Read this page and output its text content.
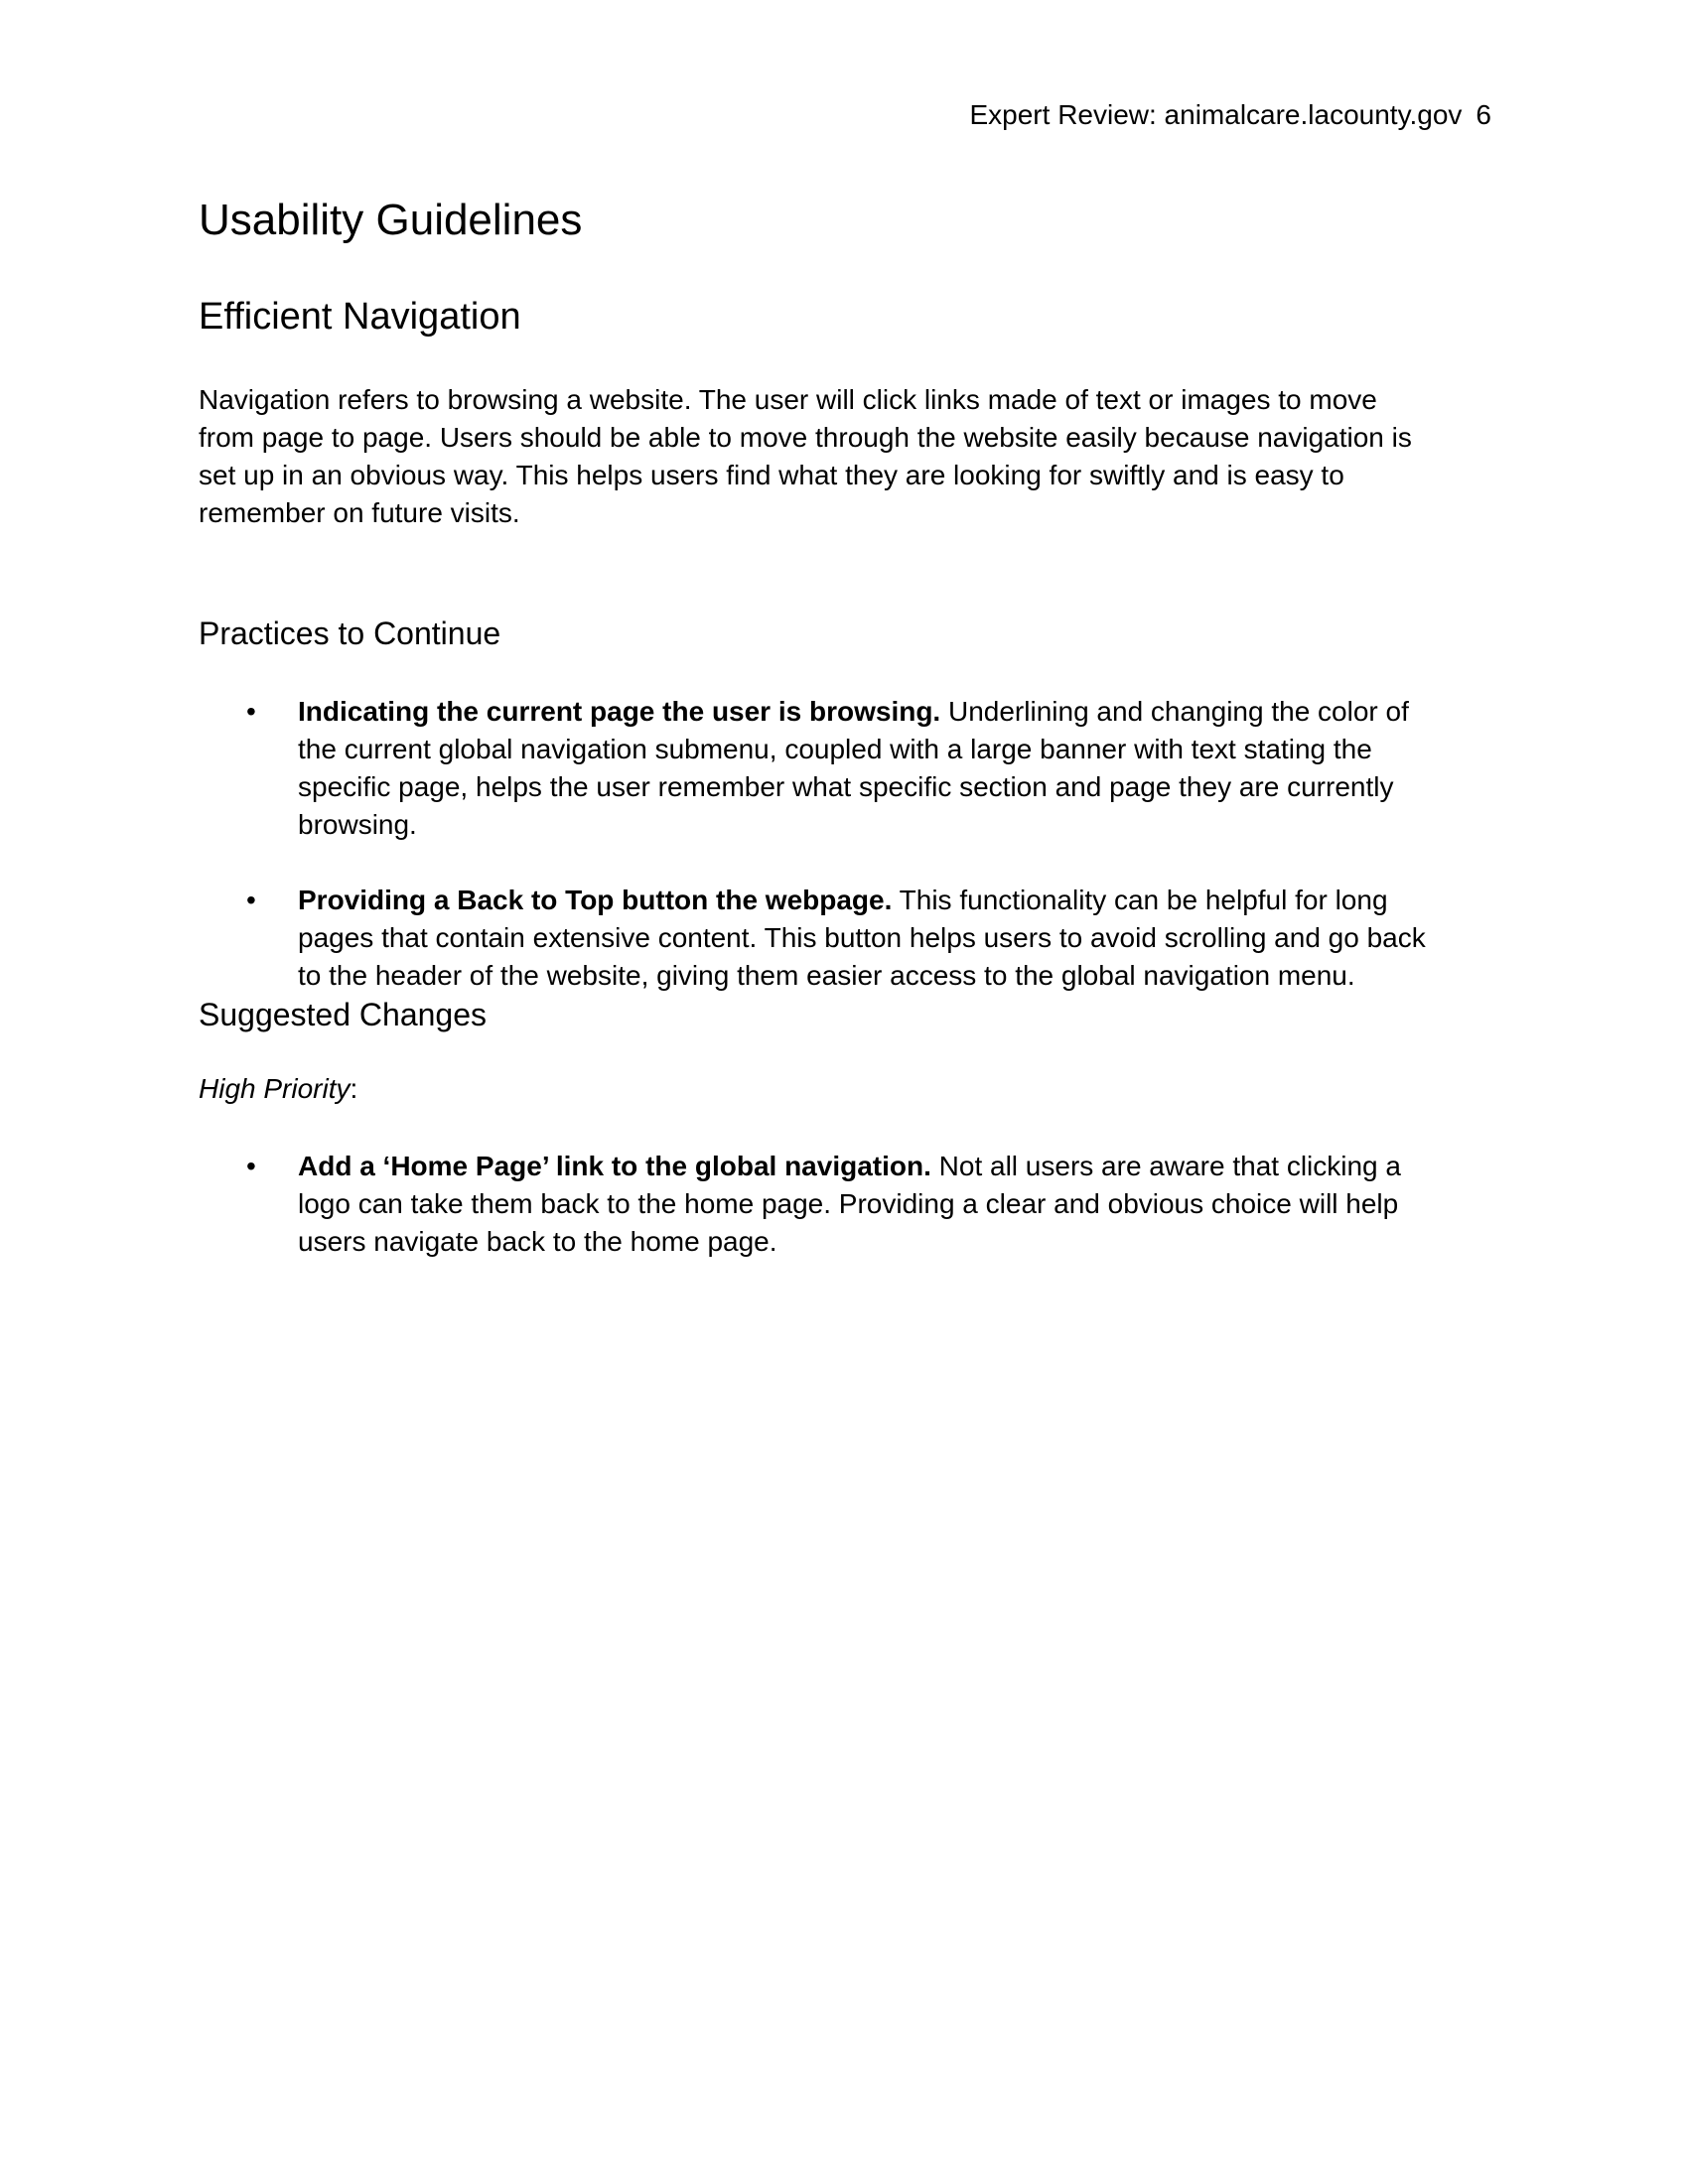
Expert Review: animalcare.lacounty.gov 6
Usability Guidelines
Efficient Navigation

Navigation refers to browsing a website. The user will click links made of text or images to move from page to page. Users should be able to move through the website easily because navigation is set up in an obvious way. This helps users find what they are looking for swiftly and is easy to remember on future visits.

Practices to Continue
• Indicating the current page the user is browsing. Underlining and changing the color of the current global navigation submenu, coupled with a large banner with text stating the specific page, helps the user remember what specific section and page they are currently browsing.
• Providing a Back to Top button the webpage. This functionality can be helpful for long pages that contain extensive content. This button helps users to avoid scrolling and go back to the header of the website, giving them easier access to the global navigation menu.
Suggested Changes
High Priority:
• Add a ‘Home Page’ link to the global navigation. Not all users are aware that clicking a logo can take them back to the home page. Providing a clear and obvious choice will help users navigate back to the home page.
